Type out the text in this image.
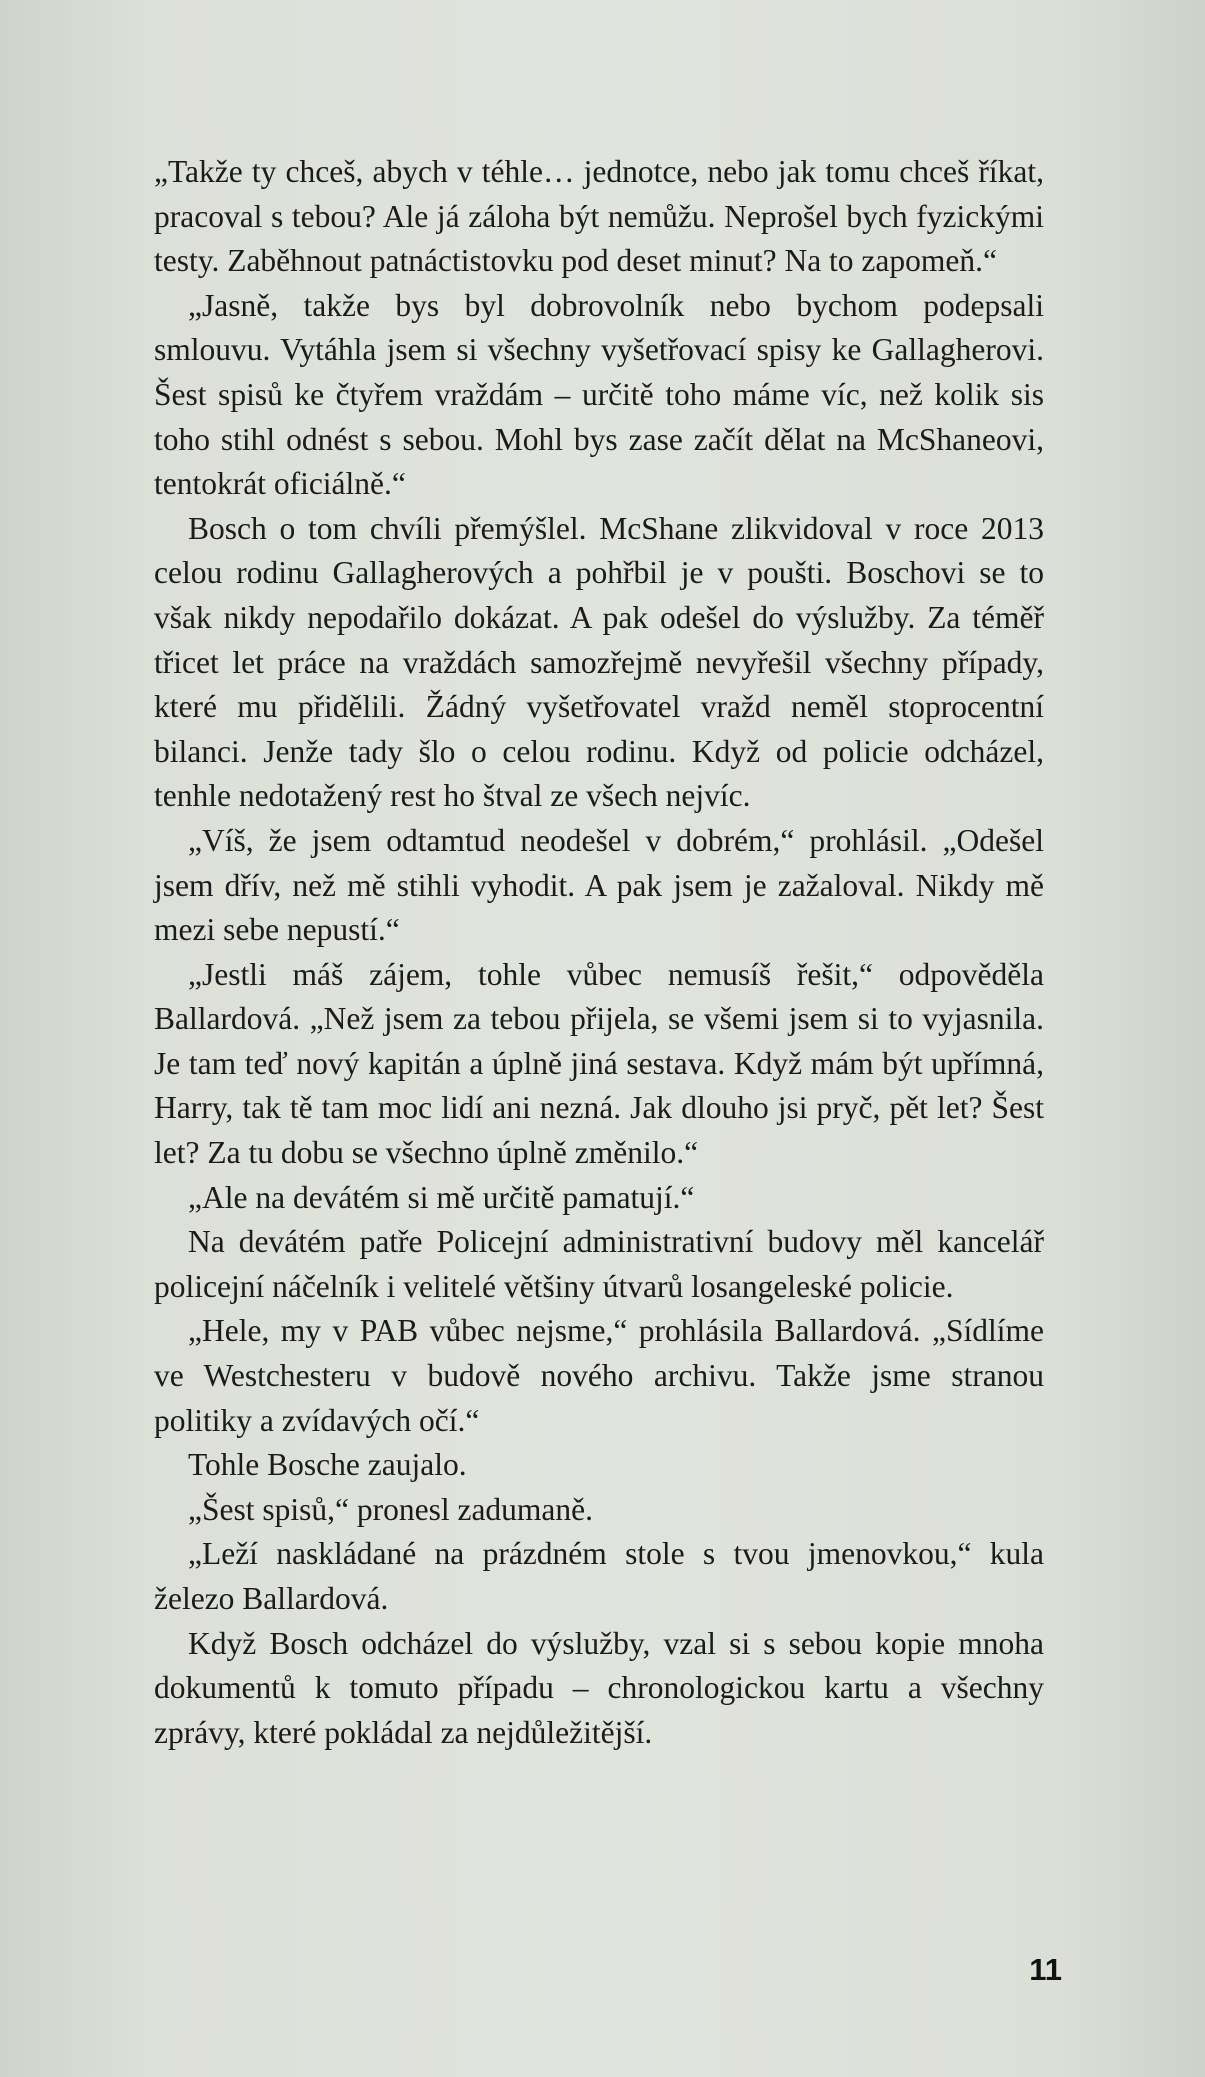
„Takže ty chceš, abych v téhle… jednotce, nebo jak tomu chceš říkat, pracoval s tebou? Ale já záloha být nemůžu. Neprošel bych fyzickými testy. Zaběhnout patnáctistovku pod deset minut? Na to zapomeň.“

„Jasně, takže bys byl dobrovolník nebo bychom podepsali smlouvu. Vytáhla jsem si všechny vyšetřovací spisy ke Gallagherovi. Šest spisů ke čtyřem vraždám – určitě toho máme víc, než kolik sis toho stihl odnést s sebou. Mohl bys zase začít dělat na McShaneovi, tentokrát oficiálně.“

Bosch o tom chvíli přemýšlel. McShane zlikvidoval v roce 2013 celou rodinu Gallagherových a pohřbil je v poušti. Boschovi se to však nikdy nepodařilo dokázat. A pak odešel do výslužby. Za téměř třicet let práce na vraždách samozřejmě nevyřešil všechny případy, které mu přidělili. Žádný vyšetřovatel vražd neměl stoprocentní bilanci. Jenže tady šlo o celou rodinu. Když od policie odcházel, tenhle nedotažený rest ho štval ze všech nejvíc.

„Víš, že jsem odtamtud neodešel v dobrém,“ prohlásil. „Odešel jsem dřív, než mě stihli vyhodit. A pak jsem je zažaloval. Nikdy mě mezi sebe nepustí.“

„Jestli máš zájem, tohle vůbec nemusíš řešit,“ odpověděla Ballardová. „Než jsem za tebou přijela, se všemi jsem si to vyjasnila. Je tam teď nový kapitán a úplně jiná sestava. Když mám být upřímná, Harry, tak tě tam moc lidí ani nezná. Jak dlouho jsi pryč, pět let? Šest let? Za tu dobu se všechno úplně změnilo.“

„Ale na devátém si mě určitě pamatují.“

Na devátém patře Policejní administrativní budovy měl kancelář policejní náčelník i velitelé většiny útvarů losangeleské policie.

„Hele, my v PAB vůbec nejsme,“ prohlásila Ballardová. „Sídlíme ve Westchesteru v budově nového archivu. Takže jsme stranou politiky a zvídavých očí.“

Tohle Bosche zaujalo.

„Šest spisů,“ pronesl zadumaně.

„Leží naskládané na prázdném stole s tvou jmenovkou,“ kula železo Ballardová.

Když Bosch odcházel do výslužby, vzal si s sebou kopie mnoha dokumentů k tomuto případu – chronologickou kartu a všechny zprávy, které pokládal za nejdůležitější.

11
